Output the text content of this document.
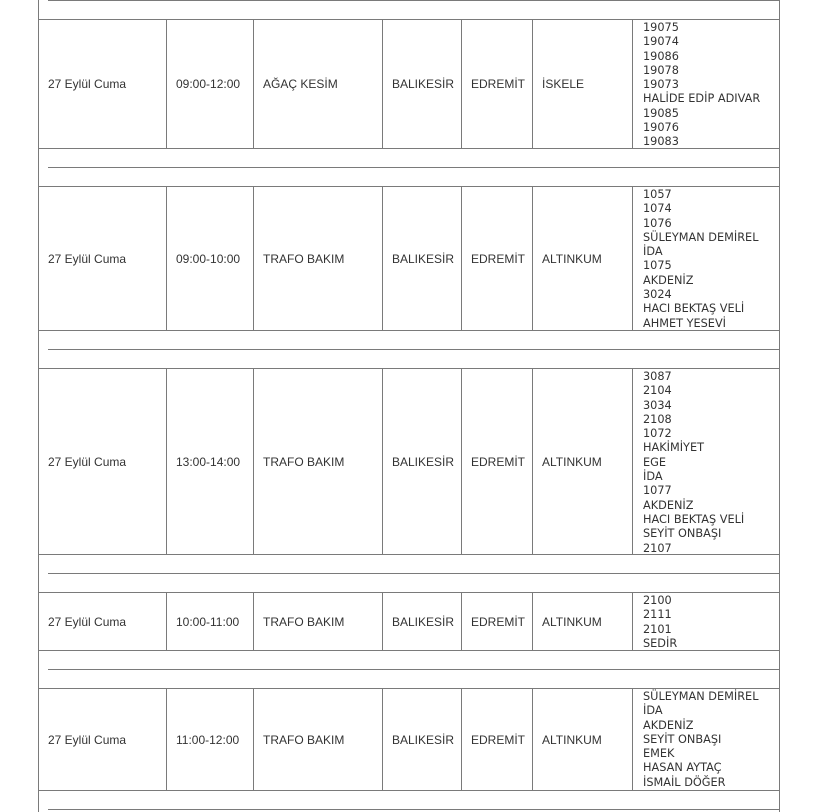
27 Eylül Cuma	09:00-12:00	AĞAÇ KESİM	BALIKESİR	EDREMİT	İSKELE
19075
19074
19086
19078
19073
HALİDE EDİP ADIVAR
19085
19076
19083
27 Eylül Cuma	09:00-10:00	TRAFO BAKIM	BALIKESİR	EDREMİT	ALTINKUM
1057
1074
1076
SÜLEYMAN DEMİREL
İDA
1075
AKDENİZ
3024
HACI BEKTAŞ VELİ
AHMET YESEVİ
27 Eylül Cuma	13:00-14:00	TRAFO BAKIM	BALIKESİR	EDREMİT	ALTINKUM
3087
2104
3034
2108
1072
HAKİMİYET
EGE
İDA
1077
AKDENİZ
HACI BEKTAŞ VELİ
SEYİT ONBAŞI
2107
27 Eylül Cuma	10:00-11:00	TRAFO BAKIM	BALIKESİR	EDREMİT	ALTINKUM
2100
2111
2101
SEDİR
27 Eylül Cuma	11:00-12:00	TRAFO BAKIM	BALIKESİR	EDREMİT	ALTINKUM
SÜLEYMAN DEMİREL
İDA
AKDENİZ
SEYİT ONBAŞI
EMEK
HASAN AYTAÇ
İSMAİL DÖĞER
